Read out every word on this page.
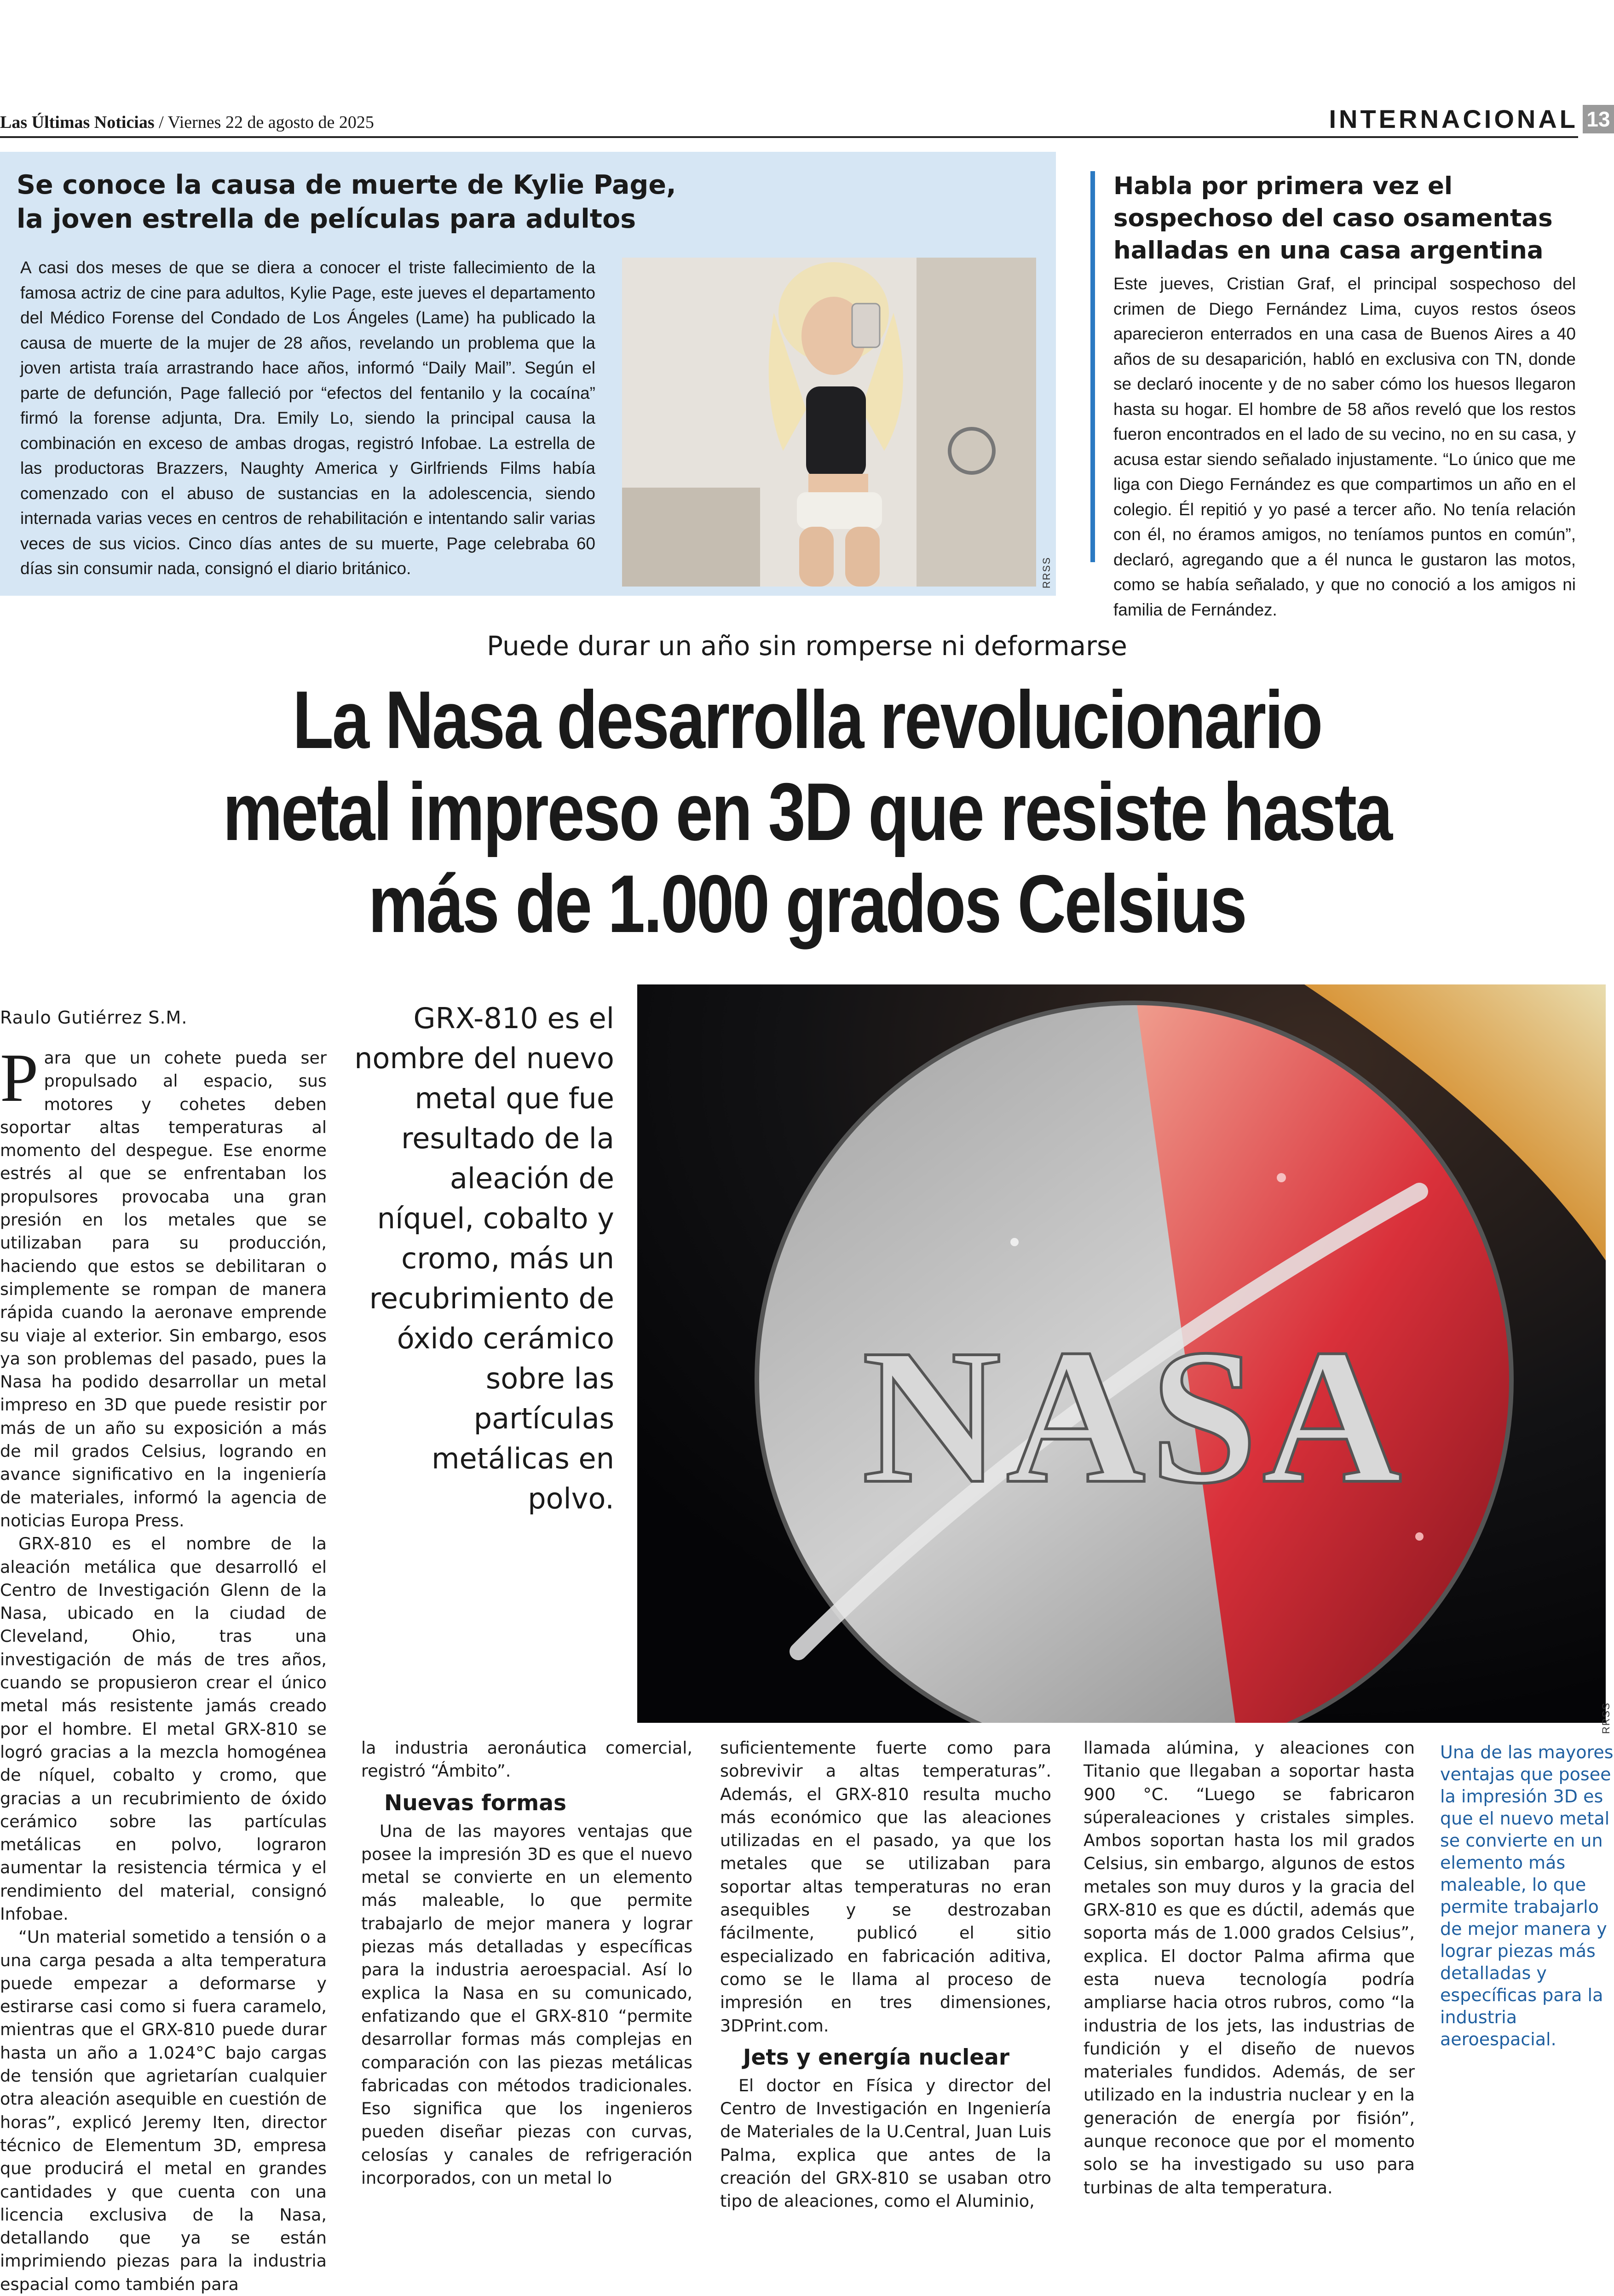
Las Últimas Noticias / Viernes 22 de agosto de 2025	INTERNACIONAL 13
Se conoce la causa de muerte de Kylie Page,
la joven estrella de películas para adultos
A casi dos meses de que se diera a conocer el triste fallecimiento de la famosa actriz de cine para adultos, Kylie Page, este jueves el departamento del Médico Forense del Condado de Los Ángeles (Lame) ha publicado la causa de muerte de la mujer de 28 años, revelando un problema que la joven artista traía arrastrando hace años, informó “Daily Mail”. Según el parte de defunción, Page falleció por “efectos del fentanilo y la cocaína” firmó la forense adjunta, Dra. Emily Lo, siendo la principal causa la combinación en exceso de ambas drogas, registró Infobae. La estrella de las productoras Brazzers, Naughty America y Girlfriends Films había comenzado con el abuso de sustancias en la adolescencia, siendo internada varias veces en centros de rehabilitación e intentando salir varias veces de sus vicios. Cinco días antes de su muerte, Page celebraba 60 días sin consumir nada, consignó el diario británico.	RRSS
Habla por primera vez el
sospechoso del caso osamentas
halladas en una casa argentina
Este jueves, Cristian Graf, el principal sospechoso del crimen de Diego Fernández Lima, cuyos restos óseos aparecieron enterrados en una casa de Buenos Aires a 40 años de su desaparición, habló en exclusiva con TN, donde se declaró inocente y de no saber cómo los huesos llegaron hasta su hogar. El hombre de 58 años reveló que los restos fueron encontrados en el lado de su vecino, no en su casa, y acusa estar siendo señalado injustamente. “Lo único que me liga con Diego Fernández es que compartimos un año en el colegio. Él repitió y yo pasé a tercer año. No tenía relación con él, no éramos amigos, no teníamos puntos en común”, declaró, agregando que a él nunca le gustaron las motos, como se había señalado, y que no conoció a los amigos ni familia de Fernández.
Puede durar un año sin romperse ni deformarse
La Nasa desarrolla revolucionario
metal impreso en 3D que resiste hasta
más de 1.000 grados Celsius
Raulo Gutiérrez S.M.

Para que un cohete pueda ser propulsado al espacio, sus motores y cohetes deben soportar altas temperaturas al momento del despegue. Ese enorme estrés al que se enfrentaban los propulsores provocaba una gran presión en los metales que se utilizaban para su producción, haciendo que estos se debilitaran o simplemente se rompan de manera rápida cuando la aeronave emprende su viaje al exterior. Sin embargo, esos ya son problemas del pasado, pues la Nasa ha podido desarrollar un metal impreso en 3D que puede resistir por más de un año su exposición a más de mil grados Celsius, logrando en avance significativo en la ingeniería de materiales, informó la agencia de noticias Europa Press.

GRX-810 es el nombre de la aleación metálica que desarrolló el Centro de Investigación Glenn de la Nasa, ubicado en la ciudad de Cleveland, Ohio, tras una investigación de más de tres años, cuando se propusieron crear el único metal más resistente jamás creado por el hombre. El metal GRX-810 se logró gracias a la mezcla homogénea de níquel, cobalto y cromo, que gracias a un recubrimiento de óxido cerámico sobre las partículas metálicas en polvo, lograron aumentar la resistencia térmica y el rendimiento del material, consignó Infobae.

“Un material sometido a tensión o a una carga pesada a alta temperatura puede empezar a deformarse y estirarse casi como si fuera caramelo, mientras que el GRX-810 puede durar hasta un año a 1.024°C bajo cargas de tensión que agrietarían cualquier otra aleación asequible en cuestión de horas”, explicó Jeremy Iten, director técnico de Elementum 3D, empresa que producirá el metal en grandes cantidades y que cuenta con una licencia exclusiva de la Nasa, detallando que ya se están imprimiendo piezas para la industria espacial como también para

GRX-810 es el nombre del nuevo metal que fue resultado de la aleación de níquel, cobalto y cromo, más un recubrimiento de óxido cerámico sobre las partículas metálicas en polvo. NASA
RRSS

la industria aeronáutica comercial, registró “Ámbito”.

Nuevas formas

Una de las mayores ventajas que posee la impresión 3D es que el nuevo metal se convierte en un elemento más maleable, lo que permite trabajarlo de mejor manera y lograr piezas más detalladas y específicas para la industria aeroespacial. Así lo explica la Nasa en su comunicado, enfatizando que el GRX-810 “permite desarrollar formas más complejas en comparación con las piezas metálicas fabricadas con métodos tradicionales. Eso significa que los ingenieros pueden diseñar piezas con curvas, celosías y canales de refrigeración incorporados, con un metal lo

suficientemente fuerte como para sobrevivir a altas temperaturas”. Además, el GRX-810 resulta mucho más económico que las aleaciones utilizadas en el pasado, ya que los metales que se utilizaban para soportar altas temperaturas no eran asequibles y se destrozaban fácilmente, publicó el sitio especializado en fabricación aditiva, como se le llama al proceso de impresión en tres dimensiones, 3DPrint.com.

Jets y energía nuclear

El doctor en Física y director del Centro de Investigación en Ingeniería de Materiales de la U.Central, Juan Luis Palma, explica que antes de la creación del GRX-810 se usaban otro tipo de aleaciones, como el Aluminio,

llamada alúmina, y aleaciones con Titanio que llegaban a soportar hasta 900 °C. “Luego se fabricaron súperaleaciones y cristales simples. Ambos soportan hasta los mil grados Celsius, sin embargo, algunos de estos metales son muy duros y la gracia del GRX-810 es que es dúctil, además que soporta más de 1.000 grados Celsius”, explica. El doctor Palma afirma que esta nueva tecnología podría ampliarse hacia otros rubros, como “la industria de los jets, las industrias de fundición y el diseño de nuevos materiales fundidos. Además, de ser utilizado en la industria nuclear y en la generación de energía por fisión”, aunque reconoce que por el momento solo se ha investigado su uso para turbinas de alta temperatura.

Una de las mayores ventajas que posee la impresión 3D es que el nuevo metal se convierte en un elemento más maleable, lo que permite trabajarlo de mejor manera y lograr piezas más detalladas y específicas para la industria aeroespacial.
